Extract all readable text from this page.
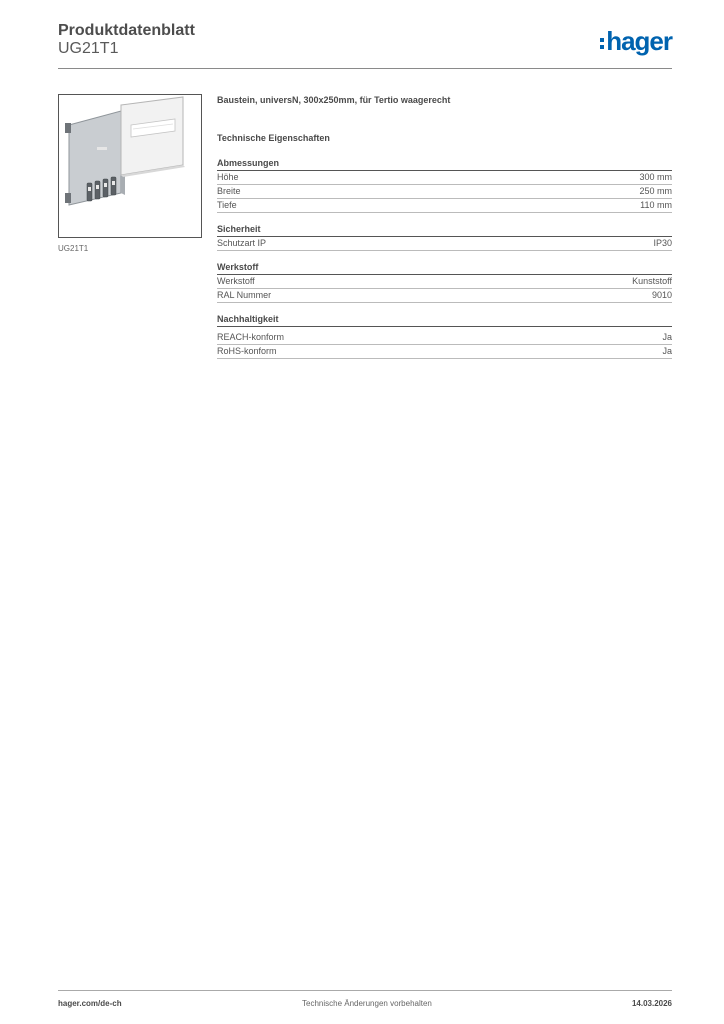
Produktdatenblatt
UG21T1	hager
UG21T1
Baustein, universN, 300x250mm, für Tertio waagerecht
Technische Eigenschaften
Abmessungen
Höhe	300 mm
Breite	250 mm
Tiefe	110 mm
Sicherheit
Schutzart IP	IP30
Werkstoff
Werkstoff	Kunststoff
RAL Nummer	9010
Nachhaltigkeit
REACH-konform	Ja
RoHS-konform	Ja
hager.com/de-ch	Technische Änderungen vorbehalten	14.03.2026
